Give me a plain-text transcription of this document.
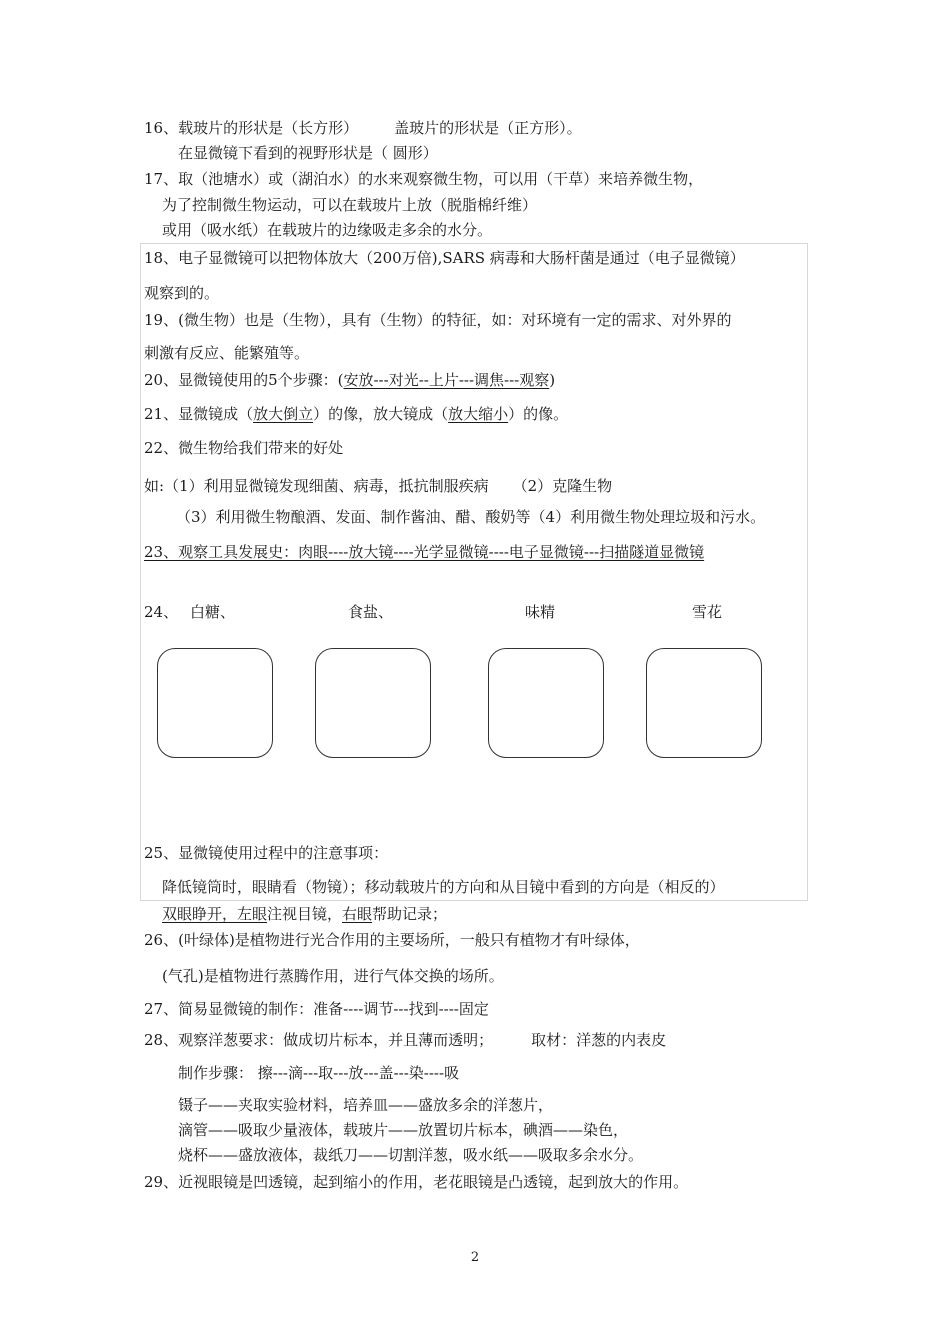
16、载玻片的形状是（长方形） 盖玻片的形状是（正方形）。
在显微镜下看到的视野形状是（ 圆形）
17、取（池塘水）或（湖泊水）的水来观察微生物，可以用（干草）来培养微生物，
为了控制微生物运动，可以在载玻片上放（脱脂棉纤维）
或用（吸水纸）在载玻片的边缘吸走多余的水分。
18、电子显微镜可以把物体放大（200万倍),SARS 病毒和大肠杆菌是通过（电子显微镜）
观察到的。
19、(微生物）也是（生物），具有（生物）的特征，如：对环境有一定的需求、对外界的
刺激有反应、能繁殖等。
20、显微镜使用的5个步骤：(安放---对光--上片---调焦---观察)
21、显微镜成（放大倒立）的像，放大镜成（放大缩小）的像。
22、微生物给我们带来的好处
如:（1）利用显微镜发现细菌、病毒，抵抗制服疾病 （2）克隆生物
（3）利用微生物酿酒、发面、制作酱油、醋、酸奶等（4）利用微生物处理垃圾和污水。
23、观察工具发展史：肉眼----放大镜----光学显微镜----电子显微镜---扫描隧道显微镜
24、 白糖、	食盐、	味精	雪花
25、显微镜使用过程中的注意事项：
降低镜筒时，眼睛看（物镜）；移动载玻片的方向和从目镜中看到的方向是（相反的）
双眼睁开，左眼注视目镜，右眼帮助记录；
26、(叶绿体)是植物进行光合作用的主要场所，一般只有植物才有叶绿体，
(气孔)是植物进行蒸腾作用，进行气体交换的场所。
27、简易显微镜的制作：准备----调节---找到----固定
28、观察洋葱要求：做成切片标本，并且薄而透明；	取材：洋葱的内表皮
制作步骤： 擦---滴---取---放---盖---染----吸
镊子——夹取实验材料，培养皿——盛放多余的洋葱片，
滴管——吸取少量液体，载玻片——放置切片标本，碘酒——染色，
烧杯——盛放液体，裁纸刀——切割洋葱，吸水纸——吸取多余水分。
29、近视眼镜是凹透镜，起到缩小的作用，老花眼镜是凸透镜，起到放大的作用。
2
